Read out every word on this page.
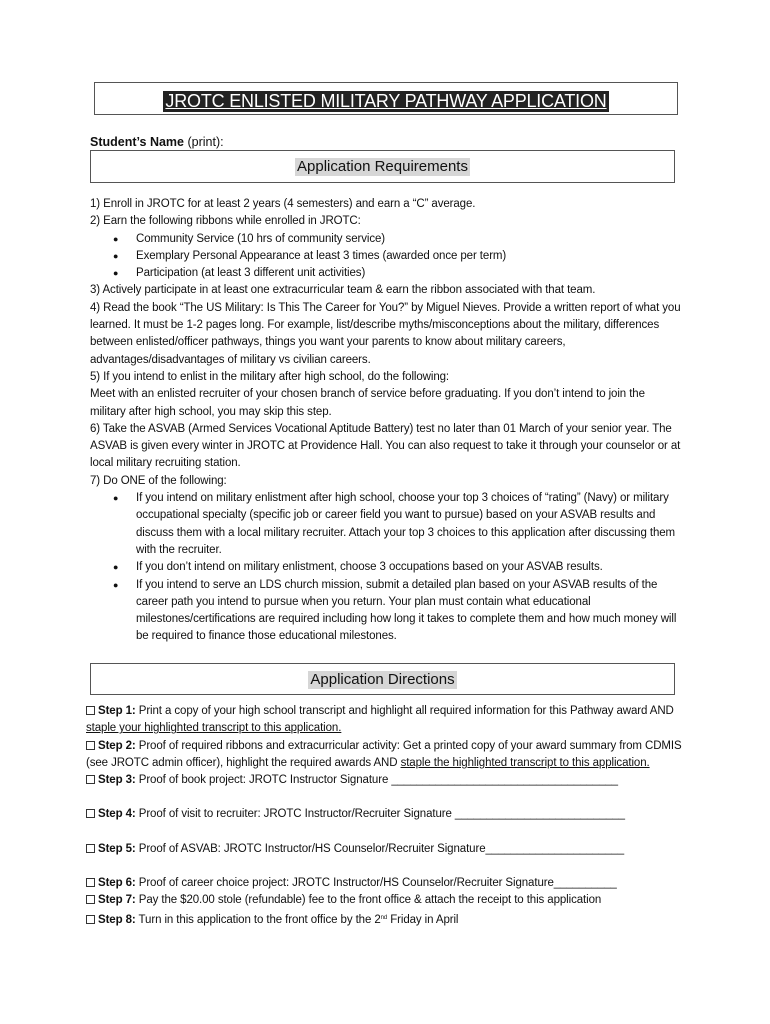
JROTC ENLISTED MILITARY PATHWAY APPLICATION
Student’s Name (print):
Application Requirements

1) Enroll in JROTC for at least 2 years (4 semesters) and earn a “C” average.

2) Earn the following ribbons while enrolled in JROTC:

● Community Service (10 hrs of community service)
● Exemplary Personal Appearance at least 3 times (awarded once per term)
● Participation (at least 3 different unit activities)

3) Actively participate in at least one extracurricular team & earn the ribbon associated with that team.

4) Read the book “The US Military: Is This The Career for You?” by Miguel Nieves. Provide a written report of what you learned. It must be 1-2 pages long. For example, list/describe myths/misconceptions about the military, differences between enlisted/officer pathways, things you want your parents to know about military careers, advantages/disadvantages of military vs civilian careers.

5) If you intend to enlist in the military after high school, do the following:

Meet with an enlisted recruiter of your chosen branch of service before graduating. If you don’t intend to join the military after high school, you may skip this step.

6) Take the ASVAB (Armed Services Vocational Aptitude Battery) test no later than 01 March of your senior year. The ASVAB is given every winter in JROTC at Providence Hall. You can also request to take it through your counselor or at local military recruiting station.

7) Do ONE of the following:

● If you intend on military enlistment after high school, choose your top 3 choices of “rating” (Navy) or military occupational specialty (specific job or career field you want to pursue) based on your ASVAB results and discuss them with a local military recruiter. Attach your top 3 choices to this application after discussing them with the recruiter.
● If you don’t intend on military enlistment, choose 3 occupations based on your ASVAB results.
● If you intend to serve an LDS church mission, submit a detailed plan based on your ASVAB results of the career path you intend to pursue when you return. Your plan must contain what educational milestones/certifications are required including how long it takes to complete them and how much money will be required to finance those educational milestones.
Application Directions

Step 1: Print a copy of your high school transcript and highlight all required information for this Pathway award AND staple your highlighted transcript to this application.

Step 2: Proof of required ribbons and extracurricular activity: Get a printed copy of your award summary from CDMIS (see JROTC admin officer), highlight the required awards AND staple the highlighted transcript to this application.

Step 3: Proof of book project: JROTC Instructor Signature ____________________________________

Step 4: Proof of visit to recruiter: JROTC Instructor/Recruiter Signature ___________________________

Step 5: Proof of ASVAB: JROTC Instructor/HS Counselor/Recruiter Signature______________________

Step 6: Proof of career choice project: JROTC Instructor/HS Counselor/Recruiter Signature__________

Step 7: Pay the $20.00 stole (refundable) fee to the front office & attach the receipt to this application

Step 8: Turn in this application to the front office by the 2nd Friday in April
